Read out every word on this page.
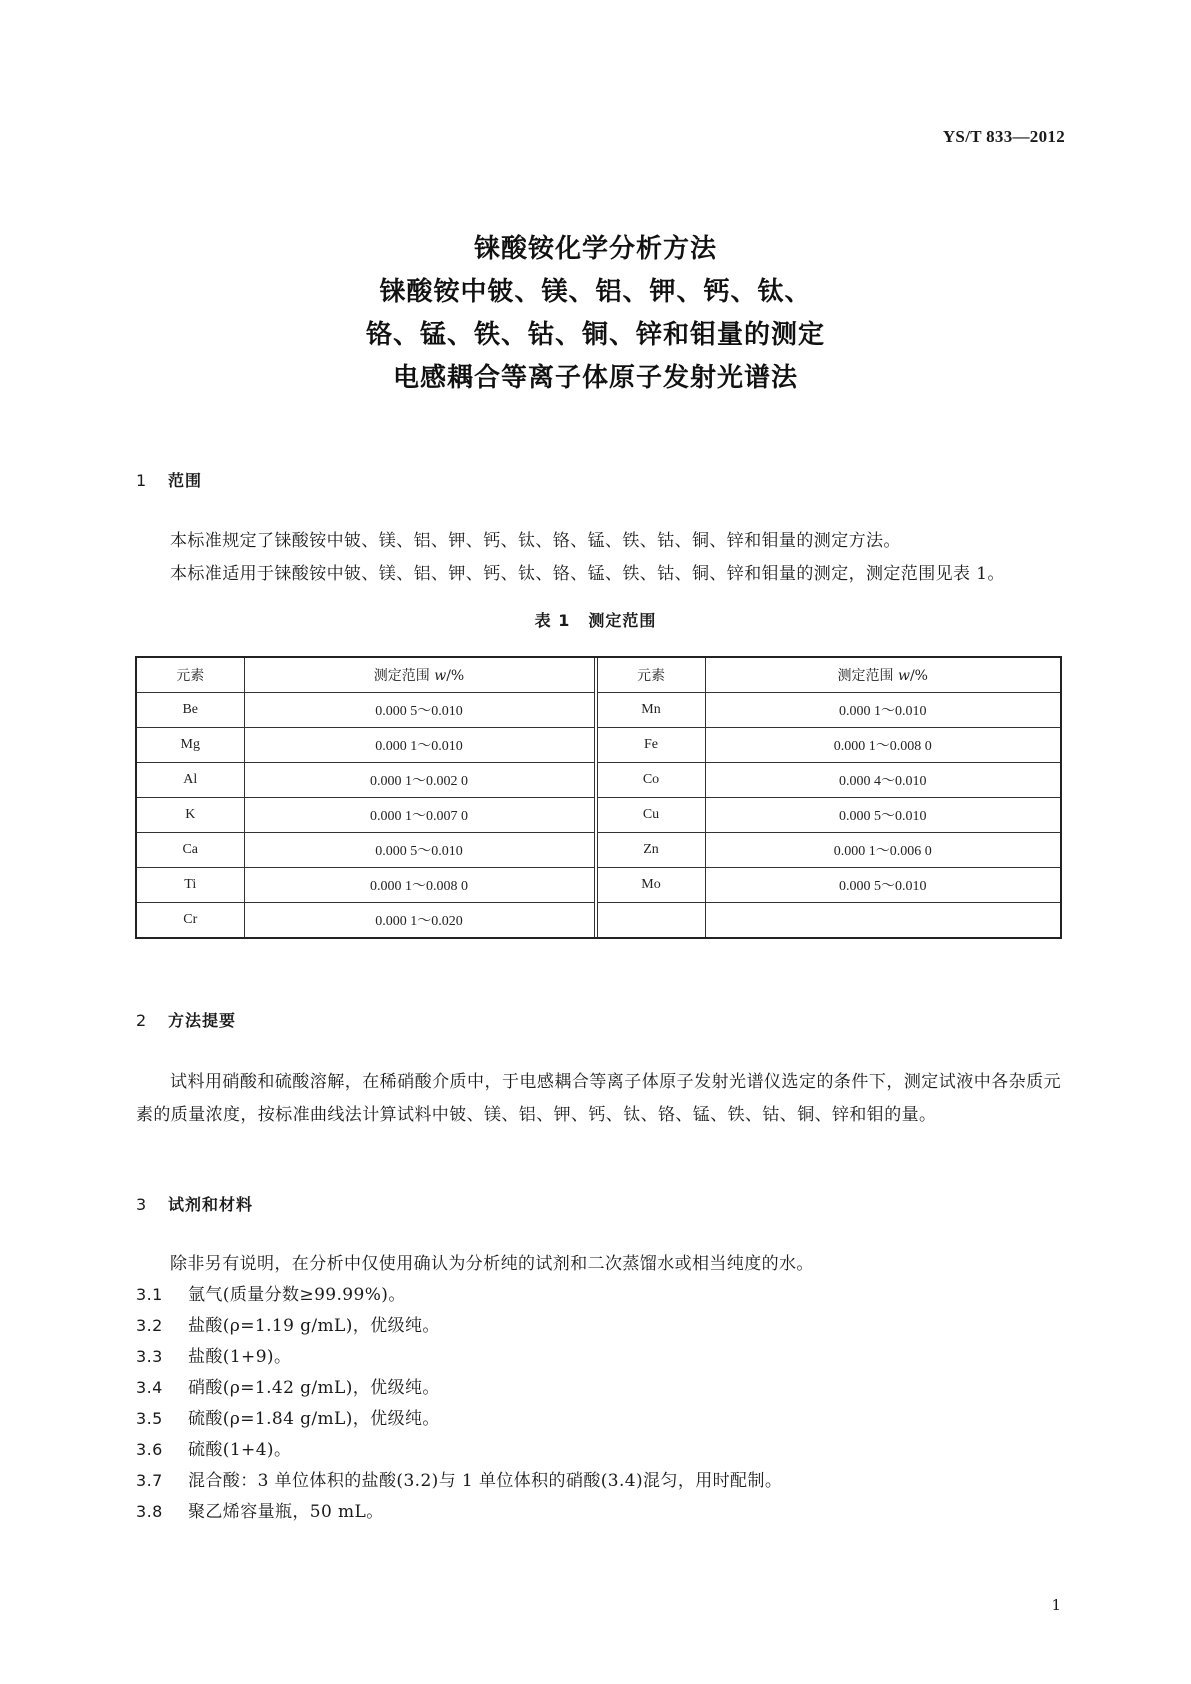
YS/T 833—2012
铼酸铵化学分析方法
铼酸铵中铍、镁、铝、钾、钙、钛、
铬、锰、铁、钴、铜、锌和钼量的测定
电感耦合等离子体原子发射光谱法
1 范围
本标准规定了铼酸铵中铍、镁、铝、钾、钙、钛、铬、锰、铁、钴、铜、锌和钼量的测定方法。
本标准适用于铼酸铵中铍、镁、铝、钾、钙、钛、铬、锰、铁、钴、铜、锌和钼量的测定，测定范围见表 1。
表 1 测定范围
元素	测定范围 w/%		元素	测定范围 w/%
Be	0.000 5～0.010		Mn	0.000 1～0.010
Mg	0.000 1～0.010		Fe	0.000 1～0.008 0
Al	0.000 1～0.002 0		Co	0.000 4～0.010
K	0.000 1～0.007 0		Cu	0.000 5～0.010
Ca	0.000 5～0.010		Zn	0.000 1～0.006 0
Ti	0.000 1～0.008 0		Mo	0.000 5～0.010
Cr	0.000 1～0.020			
2 方法提要
试料用硝酸和硫酸溶解，在稀硝酸介质中，于电感耦合等离子体原子发射光谱仪选定的条件下，测定试液中各杂质元素的质量浓度，按标准曲线法计算试料中铍、镁、铝、钾、钙、钛、铬、锰、铁、钴、铜、锌和钼的量。
3 试剂和材料
除非另有说明，在分析中仅使用确认为分析纯的试剂和二次蒸馏水或相当纯度的水。
3.1 氩气(质量分数≥99.99%)。
3.2 盐酸(ρ=1.19 g/mL)，优级纯。
3.3 盐酸(1+9)。
3.4 硝酸(ρ=1.42 g/mL)，优级纯。
3.5 硫酸(ρ=1.84 g/mL)，优级纯。
3.6 硫酸(1+4)。
3.7 混合酸：3 单位体积的盐酸(3.2)与 1 单位体积的硝酸(3.4)混匀，用时配制。
3.8 聚乙烯容量瓶，50 mL。
1
